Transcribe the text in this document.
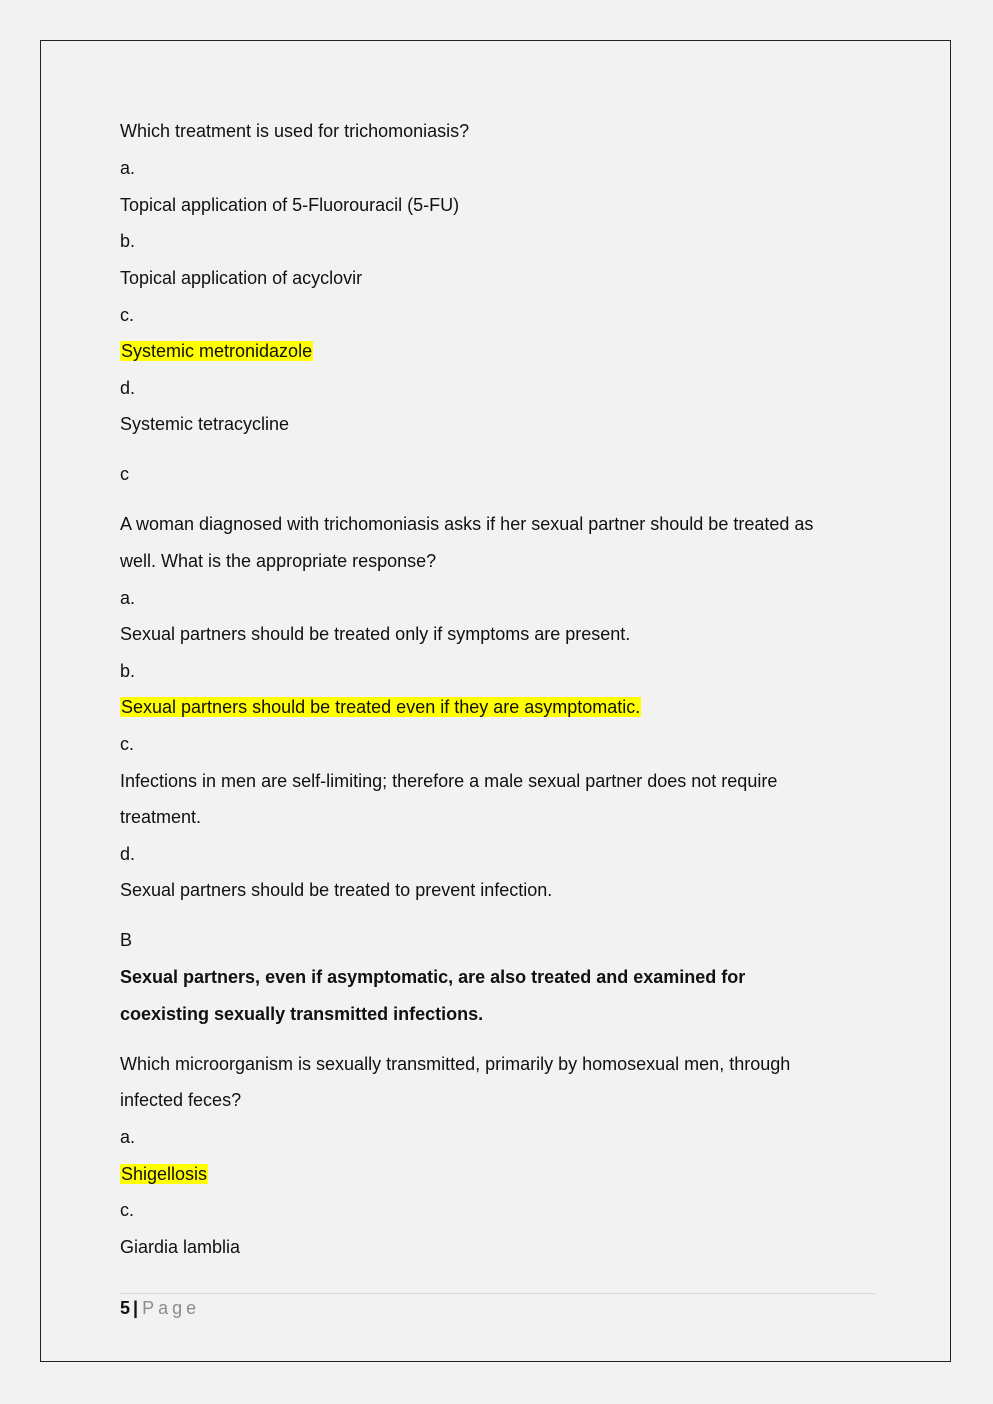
Which treatment is used for trichomoniasis?
a.
Topical application of 5-Fluorouracil (5-FU)
b.
Topical application of acyclovir
c.
Systemic metronidazole
d.
Systemic tetracycline
c
A woman diagnosed with trichomoniasis asks if her sexual partner should be treated as
well. What is the appropriate response?
a.
Sexual partners should be treated only if symptoms are present.
b.
Sexual partners should be treated even if they are asymptomatic.
c.
Infections in men are self-limiting; therefore a male sexual partner does not require
treatment.
d.
Sexual partners should be treated to prevent infection.
B
Sexual partners, even if asymptomatic, are also treated and examined for
coexisting sexually transmitted infections.
Which microorganism is sexually transmitted, primarily by homosexual men, through
infected feces?
a.
Shigellosis
c.
Giardia lamblia
5 | Page
